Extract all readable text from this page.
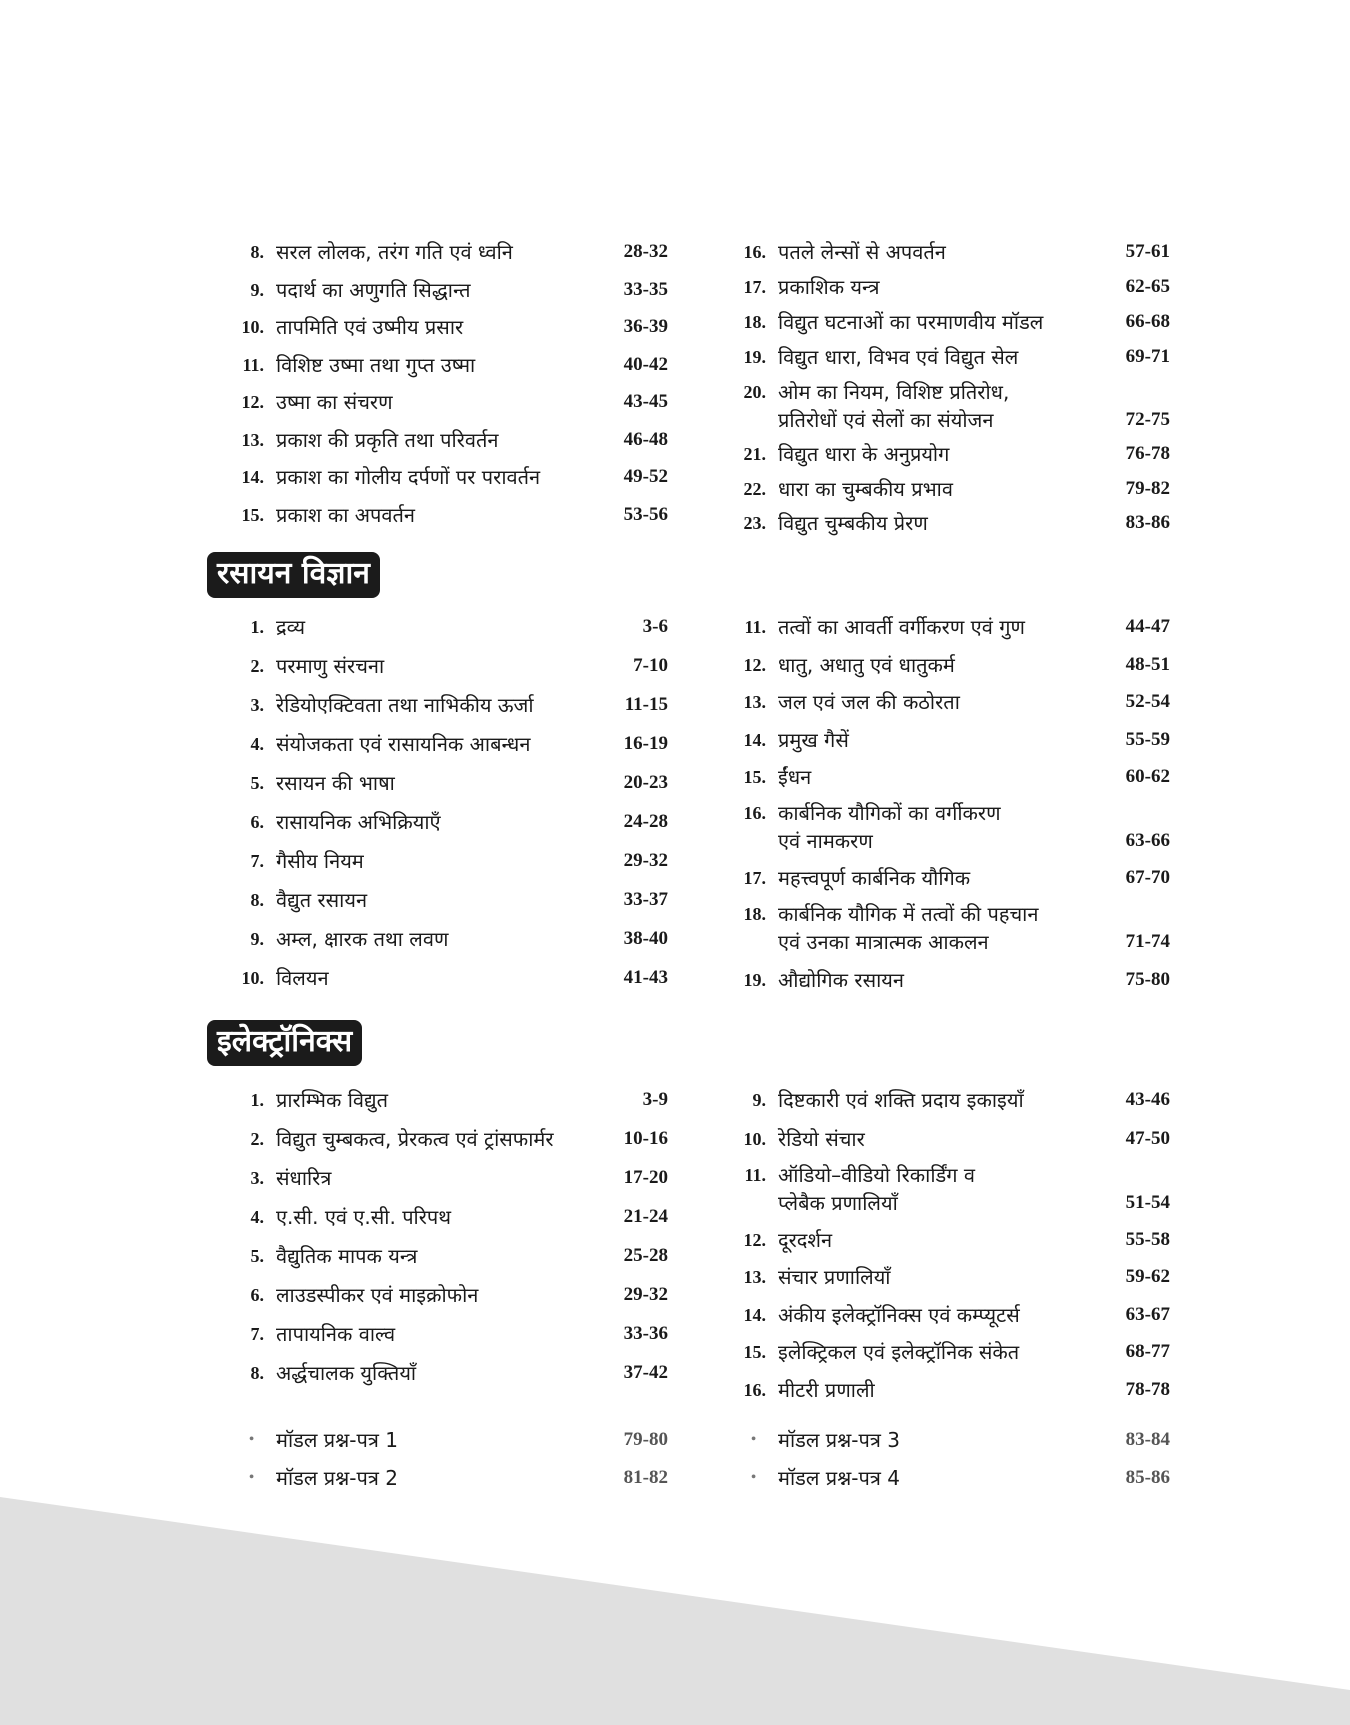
8. सरल लोलक, तरंग गति एवं ध्वनि	28-32
9. पदार्थ का अणुगति सिद्धान्त	33-35
10. तापमिति एवं उष्मीय प्रसार	36-39
11. विशिष्ट उष्मा तथा गुप्त उष्मा	40-42
12. उष्मा का संचरण	43-45
13. प्रकाश की प्रकृति तथा परिवर्तन	46-48
14. प्रकाश का गोलीय दर्पणों पर परावर्तन	49-52
15. प्रकाश का अपवर्तन	53-56
16. पतले लेन्सों से अपवर्तन	57-61
17. प्रकाशिक यन्त्र	62-65
18. विद्युत घटनाओं का परमाणवीय मॉडल	66-68
19. विद्युत धारा, विभव एवं विद्युत सेल	69-71
20. ओम का नियम, विशिष्ट प्रतिरोध,
प्रतिरोधों एवं सेलों का संयोजन	72-75
21. विद्युत धारा के अनुप्रयोग	76-78
22. धारा का चुम्बकीय प्रभाव	79-82
23. विद्युत चुम्बकीय प्रेरण	83-86
रसायन विज्ञान
1. द्रव्य	3-6
2. परमाणु संरचना	7-10
3. रेडियोएक्टिवता तथा नाभिकीय ऊर्जा	11-15
4. संयोजकता एवं रासायनिक आबन्धन	16-19
5. रसायन की भाषा	20-23
6. रासायनिक अभिक्रियाएँ	24-28
7. गैसीय नियम	29-32
8. वैद्युत रसायन	33-37
9. अम्ल, क्षारक तथा लवण	38-40
10. विलयन	41-43
11. तत्वों का आवर्ती वर्गीकरण एवं गुण	44-47
12. धातु, अधातु एवं धातुकर्म	48-51
13. जल एवं जल की कठोरता	52-54
14. प्रमुख गैसें	55-59
15. ईंधन	60-62
16. कार्बनिक यौगिकों का वर्गीकरण
एवं नामकरण	63-66
17. महत्त्वपूर्ण कार्बनिक यौगिक	67-70
18. कार्बनिक यौगिक में तत्वों की पहचान
एवं उनका मात्रात्मक आकलन	71-74
19. औद्योगिक रसायन	75-80
इलेक्ट्रॉनिक्स
1. प्रारम्भिक विद्युत	3-9
2. विद्युत चुम्बकत्व, प्रेरकत्व एवं ट्रांसफार्मर	10-16
3. संधारित्र	17-20
4. ए.सी. एवं ए.सी. परिपथ	21-24
5. वैद्युतिक मापक यन्त्र	25-28
6. लाउडस्पीकर एवं माइक्रोफोन	29-32
7. तापायनिक वाल्व	33-36
8. अर्द्धचालक युक्तियाँ	37-42
• मॉडल प्रश्न-पत्र 1	79-80
• मॉडल प्रश्न-पत्र 2	81-82
9. दिष्टकारी एवं शक्ति प्रदाय इकाइयाँ	43-46
10. रेडियो संचार	47-50
11. ऑडियो–वीडियो रिकार्डिंग व
प्लेबैक प्रणालियाँ	51-54
12. दूरदर्शन	55-58
13. संचार प्रणालियाँ	59-62
14. अंकीय इलेक्ट्रॉनिक्स एवं कम्प्यूटर्स	63-67
15. इलेक्ट्रिकल एवं इलेक्ट्रॉनिक संकेत	68-77
16. मीटरी प्रणाली	78-78
• मॉडल प्रश्न-पत्र 3	83-84
• मॉडल प्रश्न-पत्र 4	85-86
